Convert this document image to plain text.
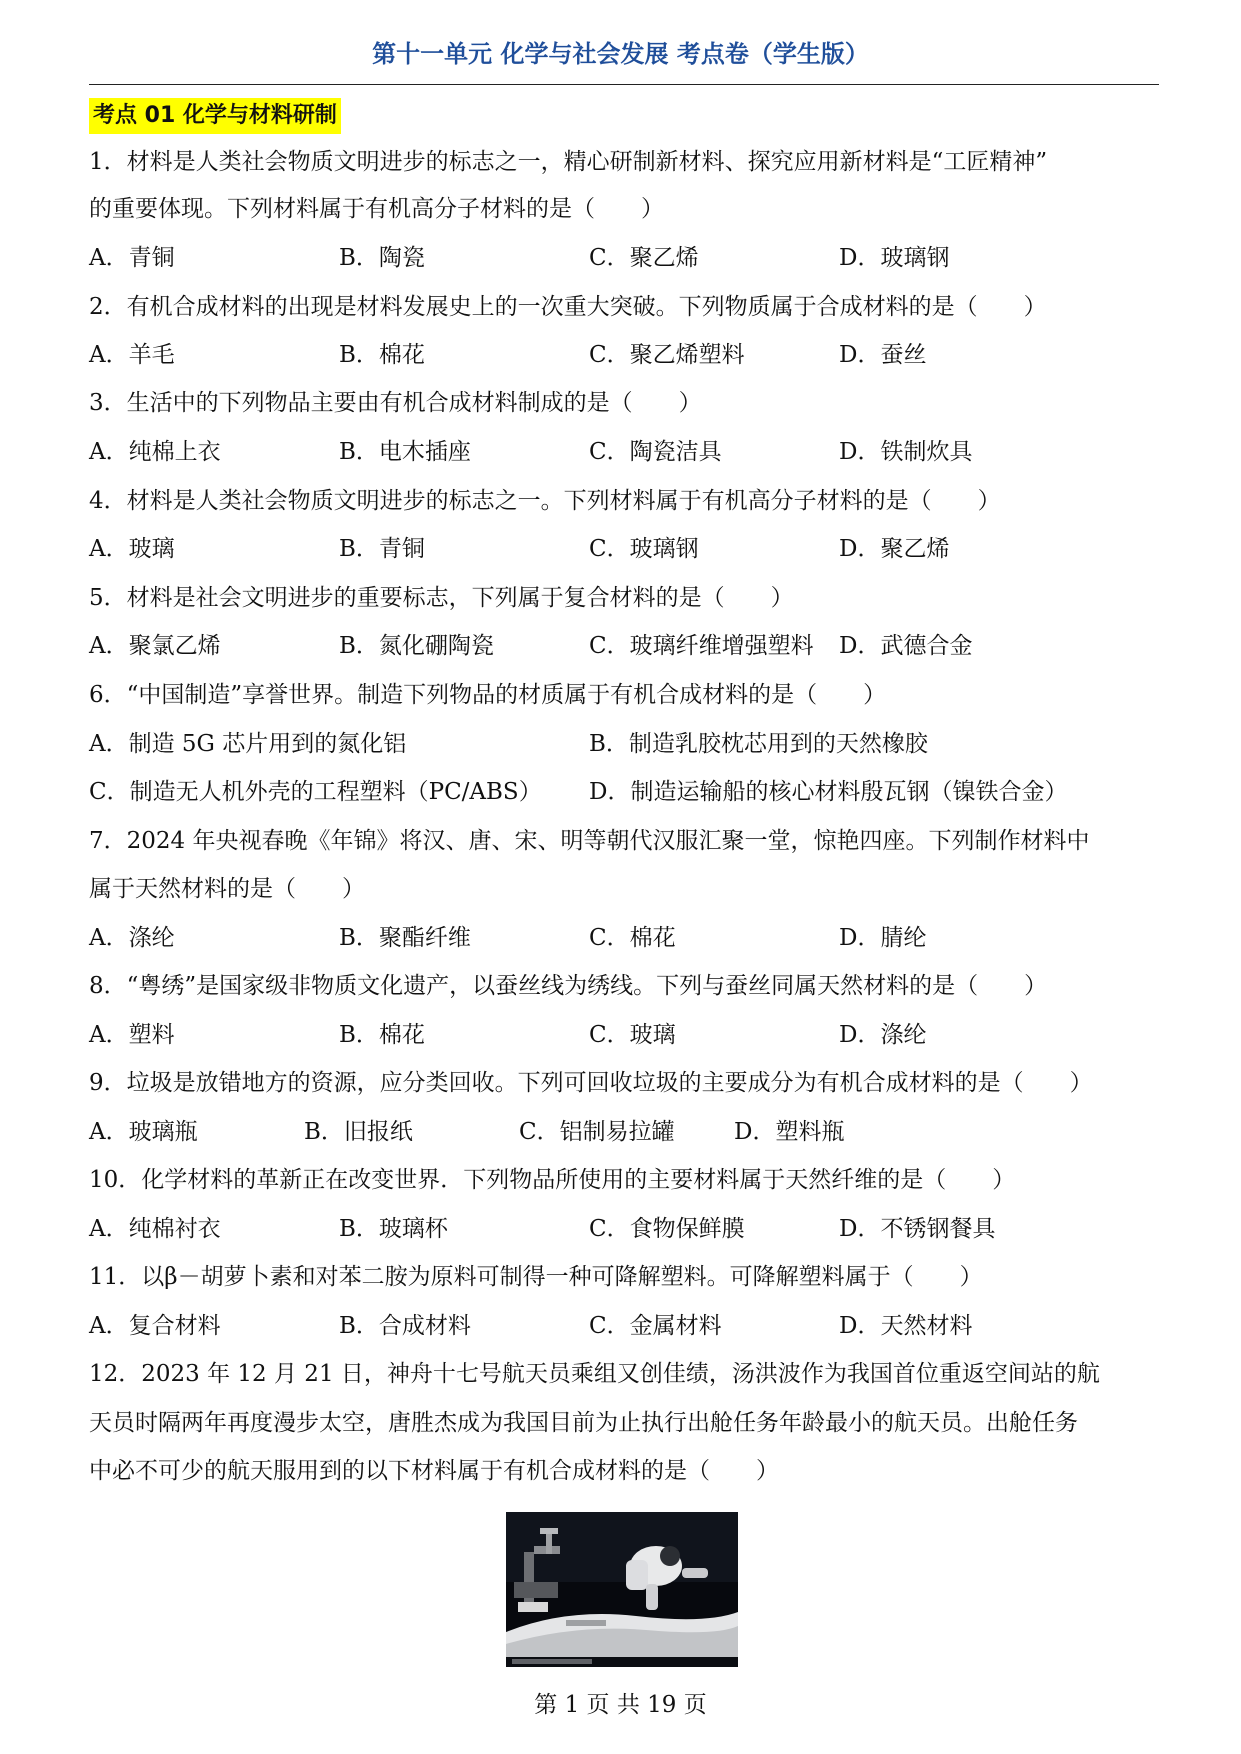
第十一单元 化学与社会发展 考点卷（学生版）
考点 01 化学与材料研制
1．材料是人类社会物质文明进步的标志之一，精心研制新材料、探究应用新材料是“工匠精神”
的重要体现。下列材料属于有机高分子材料的是（　　）
A．青铜	B．陶瓷	C．聚乙烯	D．玻璃钢
2．有机合成材料的出现是材料发展史上的一次重大突破。下列物质属于合成材料的是（　　）
A．羊毛	B．棉花	C．聚乙烯塑料	D．蚕丝
3．生活中的下列物品主要由有机合成材料制成的是（　　）
A．纯棉上衣	B．电木插座	C．陶瓷洁具	D．铁制炊具
4．材料是人类社会物质文明进步的标志之一。下列材料属于有机高分子材料的是（　　）
A．玻璃	B．青铜	C．玻璃钢	D．聚乙烯
5．材料是社会文明进步的重要标志，下列属于复合材料的是（　　）
A．聚氯乙烯	B．氮化硼陶瓷	C．玻璃纤维增强塑料 D．武德合金
6．“中国制造”享誉世界。制造下列物品的材质属于有机合成材料的是（　　）
A．制造 5G 芯片用到的氮化铝	B．制造乳胶枕芯用到的天然橡胶
C．制造无人机外壳的工程塑料（PC/ABS） D．制造运输船的核心材料殷瓦钢（镍铁合金）
7．2024 年央视春晚《年锦》将汉、唐、宋、明等朝代汉服汇聚一堂，惊艳四座。下列制作材料中
属于天然材料的是（　　）
A．涤纶	B．聚酯纤维	C．棉花	D．腈纶
8．“粤绣”是国家级非物质文化遗产，以蚕丝线为绣线。下列与蚕丝同属天然材料的是（　　）
A．塑料	B．棉花	C．玻璃	D．涤纶
9．垃圾是放错地方的资源，应分类回收。下列可回收垃圾的主要成分为有机合成材料的是（　　）
A．玻璃瓶	B．旧报纸	C．铝制易拉罐	D．塑料瓶
10．化学材料的革新正在改变世界．下列物品所使用的主要材料属于天然纤维的是（　　）
A．纯棉衬衣	B．玻璃杯	C．食物保鲜膜	D．不锈钢餐具
11．以β－胡萝卜素和对苯二胺为原料可制得一种可降解塑料。可降解塑料属于（　　）
A．复合材料	B．合成材料	C．金属材料	D．天然材料
12．2023 年 12 月 21 日，神舟十七号航天员乘组又创佳绩，汤洪波作为我国首位重返空间站的航
天员时隔两年再度漫步太空，唐胜杰成为我国目前为止执行出舱任务年龄最小的航天员。出舱任务
中必不可少的航天服用到的以下材料属于有机合成材料的是（　　）
第 1 页 共 19 页
